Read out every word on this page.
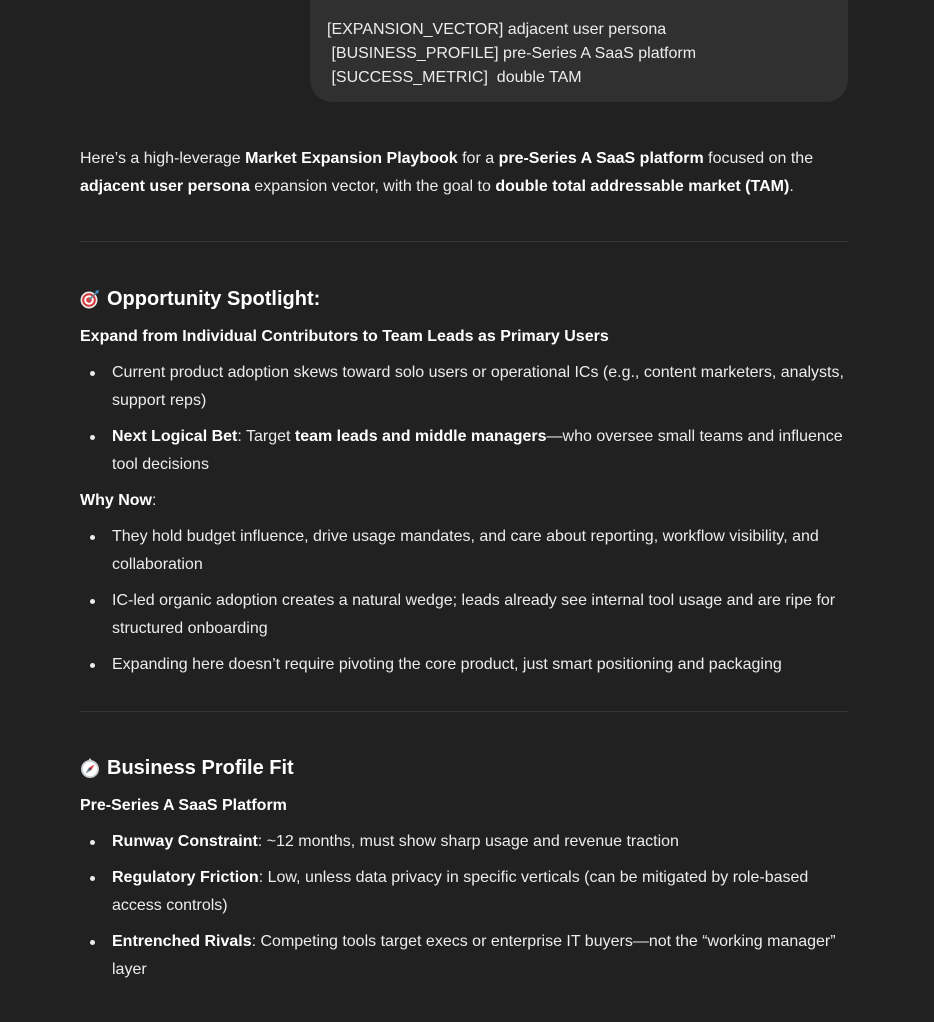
[EXPANSION_VECTOR] adjacent user persona
[BUSINESS_PROFILE] pre-Series A SaaS platform
[SUCCESS_METRIC]  double TAM

Here’s a high-leverage Market Expansion Playbook for a pre-Series A SaaS platform focused on the adjacent user persona expansion vector, with the goal to double total addressable market (TAM).

Opportunity Spotlight:

Expand from Individual Contributors to Team Leads as Primary Users

Current product adoption skews toward solo users or operational ICs (e.g., content marketers, analysts, support reps)
Next Logical Bet: Target team leads and middle managers—who oversee small teams and influence tool decisions

Why Now:

They hold budget influence, drive usage mandates, and care about reporting, workflow visibility, and collaboration
IC-led organic adoption creates a natural wedge; leads already see internal tool usage and are ripe for structured onboarding
Expanding here doesn’t require pivoting the core product, just smart positioning and packaging
Business Profile Fit

Pre-Series A SaaS Platform

Runway Constraint: ~12 months, must show sharp usage and revenue traction
Regulatory Friction: Low, unless data privacy in specific verticals (can be mitigated by role-based access controls)
Entrenched Rivals: Competing tools target execs or enterprise IT buyers—not the “working manager” layer
